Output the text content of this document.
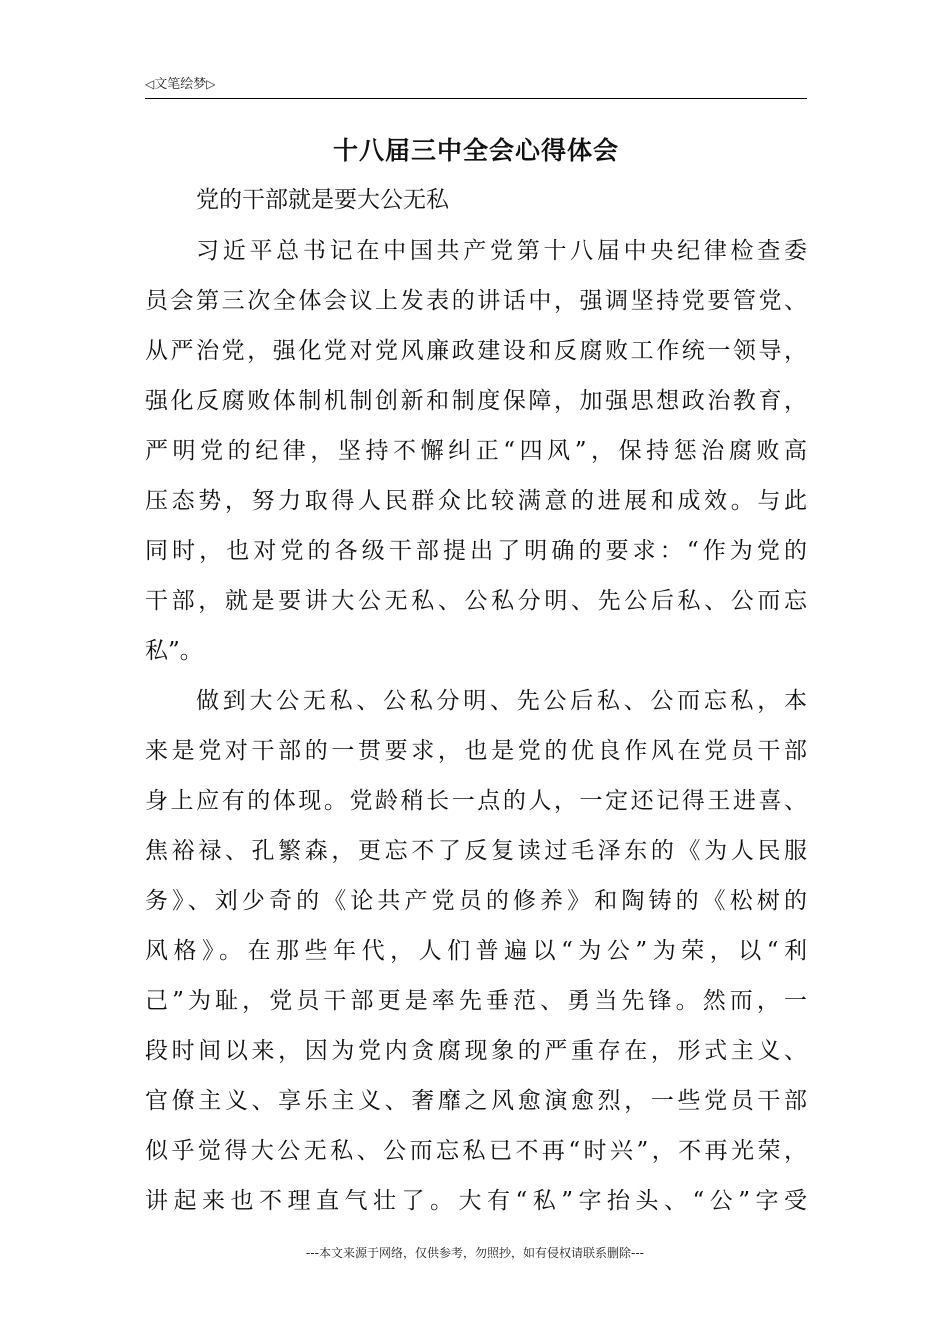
◁文笔绘梦▷
十八届三中全会心得体会
党的干部就是要大公无私
习近平总书记在中国共产党第十八届中央纪律检查委
员会第三次全体会议上发表的讲话中，强调坚持党要管党、
从严治党，强化党对党风廉政建设和反腐败工作统一领导，
强化反腐败体制机制创新和制度保障，加强思想政治教育，
严明党的纪律，坚持不懈纠正“四风”，保持惩治腐败高
压态势，努力取得人民群众比较满意的进展和成效。与此
同时，也对党的各级干部提出了明确的要求：“作为党的
干部，就是要讲大公无私、公私分明、先公后私、公而忘
私”。
做到大公无私、公私分明、先公后私、公而忘私，本
来是党对干部的一贯要求，也是党的优良作风在党员干部
身上应有的体现。党龄稍长一点的人，一定还记得王进喜、
焦裕禄、孔繁森，更忘不了反复读过毛泽东的《为人民服
务》、刘少奇的《论共产党员的修养》和陶铸的《松树的
风格》。在那些年代，人们普遍以“为公”为荣，以“利
己”为耻，党员干部更是率先垂范、勇当先锋。然而，一
段时间以来，因为党内贪腐现象的严重存在，形式主义、
官僚主义、享乐主义、奢靡之风愈演愈烈，一些党员干部
似乎觉得大公无私、公而忘私已不再“时兴”，不再光荣，
讲起来也不理直气壮了。大有“私”字抬头、“公”字受
---本文来源于网络，仅供参考，勿照抄，如有侵权请联系删除---
